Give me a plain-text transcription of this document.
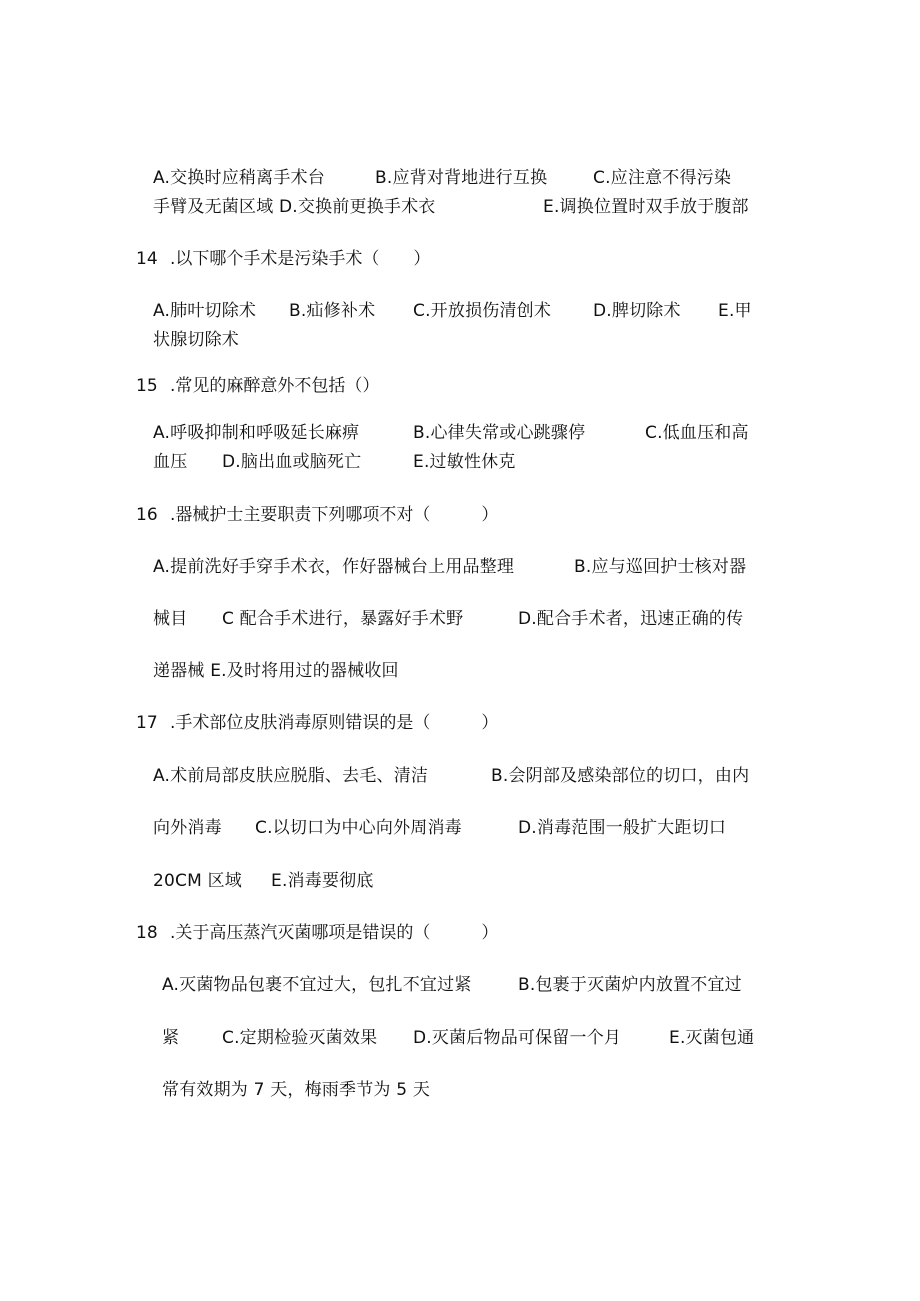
A.交换时应稍离手术台	B.应背对背地进行互换	C.应注意不得污染
手臂及无菌区域 D.交换前更换手术衣	E.调换位置时双手放于腹部
14 .以下哪个手术是污染手术（　　）
A.肺叶切除术 B.疝修补术 C.开放损伤清创术 D.脾切除术 E.甲
状腺切除术
15 .常见的麻醉意外不包括（）
A.呼吸抑制和呼吸延长麻痹	B.心律失常或心跳骤停	C.低血压和高
血压 D.脑出血或脑死亡	E.过敏性休克
16 .器械护士主要职责下列哪项不对（　　　）
A.提前洗好手穿手术衣，作好器械台上用品整理	B.应与巡回护士核对器
械目 C 配合手术进行，暴露好手术野	D.配合手术者，迅速正确的传
递器械 E.及时将用过的器械收回
17 .手术部位皮肤消毒原则错误的是（　　　）
A.术前局部皮肤应脱脂、去毛、清洁	B.会阴部及感染部位的切口，由内
向外消毒 C.以切口为中心向外周消毒	D.消毒范围一般扩大距切口
20CM 区域 E.消毒要彻底
18 .关于高压蒸汽灭菌哪项是错误的（　　　）
A.灭菌物品包裹不宜过大，包扎不宜过紧	B.包裹于灭菌炉内放置不宜过
紧	C.定期检验灭菌效果 D.灭菌后物品可保留一个月	E.灭菌包通
常有效期为 7 天，梅雨季节为 5 天
